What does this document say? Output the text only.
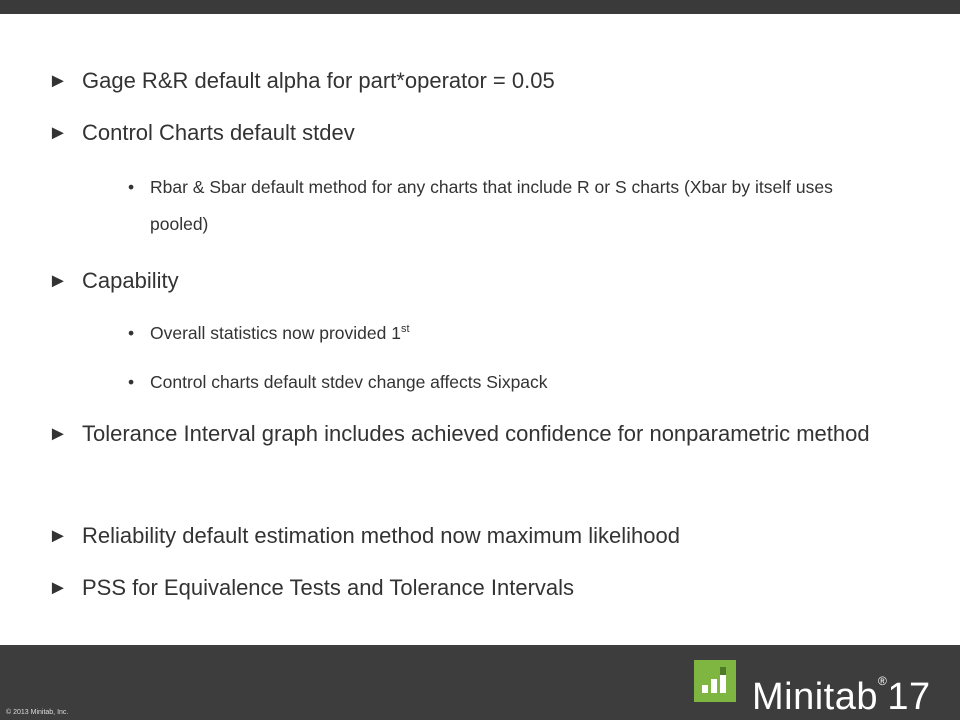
► Gage R&R default alpha for part*operator = 0.05
► Control Charts default stdev
• Rbar & Sbar default method for any charts that include R or S charts (Xbar by itself uses pooled)
► Capability
• Overall statistics now provided 1st
• Control charts default stdev change affects Sixpack
► Tolerance Interval graph includes achieved confidence for nonparametric method
► Reliability default estimation method now maximum likelihood
► PSS for Equivalence Tests and Tolerance Intervals
Minitab®17
© 2013 Minitab, Inc.
